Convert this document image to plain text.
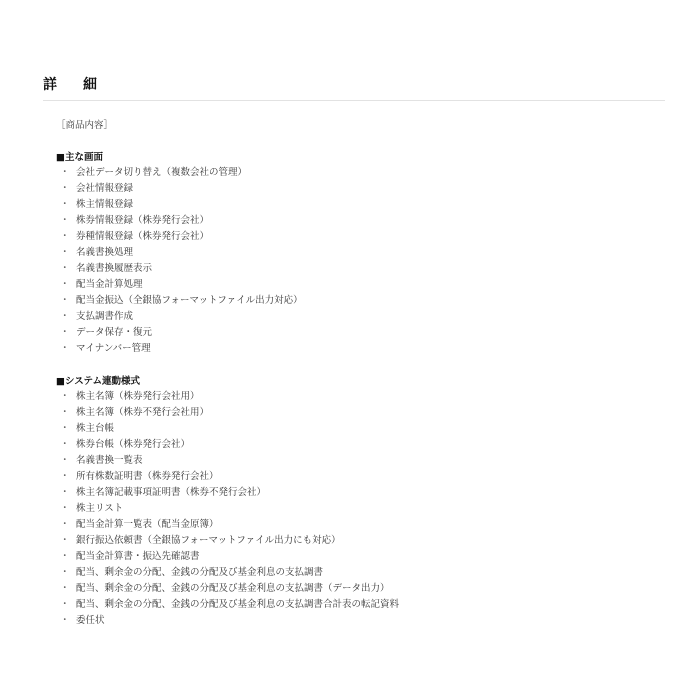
詳　細
［商品内容］
■主な画面
・ 会社データ切り替え（複数会社の管理）
・ 会社情報登録
・ 株主情報登録
・ 株券情報登録（株券発行会社）
・ 券種情報登録（株券発行会社）
・ 名義書換処理
・ 名義書換履歴表示
・ 配当金計算処理
・ 配当金振込（全銀協フォーマットファイル出力対応）
・ 支払調書作成
・ データ保存・復元
・ マイナンバー管理
■システム連動様式
・ 株主名簿（株券発行会社用）
・ 株主名簿（株券不発行会社用）
・ 株主台帳
・ 株券台帳（株券発行会社）
・ 名義書換一覧表
・ 所有株数証明書（株券発行会社）
・ 株主名簿記載事項証明書（株券不発行会社）
・ 株主リスト
・ 配当金計算一覧表（配当金原簿）
・ 銀行振込依頼書（全銀協フォーマットファイル出力にも対応）
・ 配当金計算書・振込先確認書
・ 配当、剰余金の分配、金銭の分配及び基金利息の支払調書
・ 配当、剰余金の分配、金銭の分配及び基金利息の支払調書（データ出力）
・ 配当、剰余金の分配、金銭の分配及び基金利息の支払調書合計表の転記資料
・ 委任状
